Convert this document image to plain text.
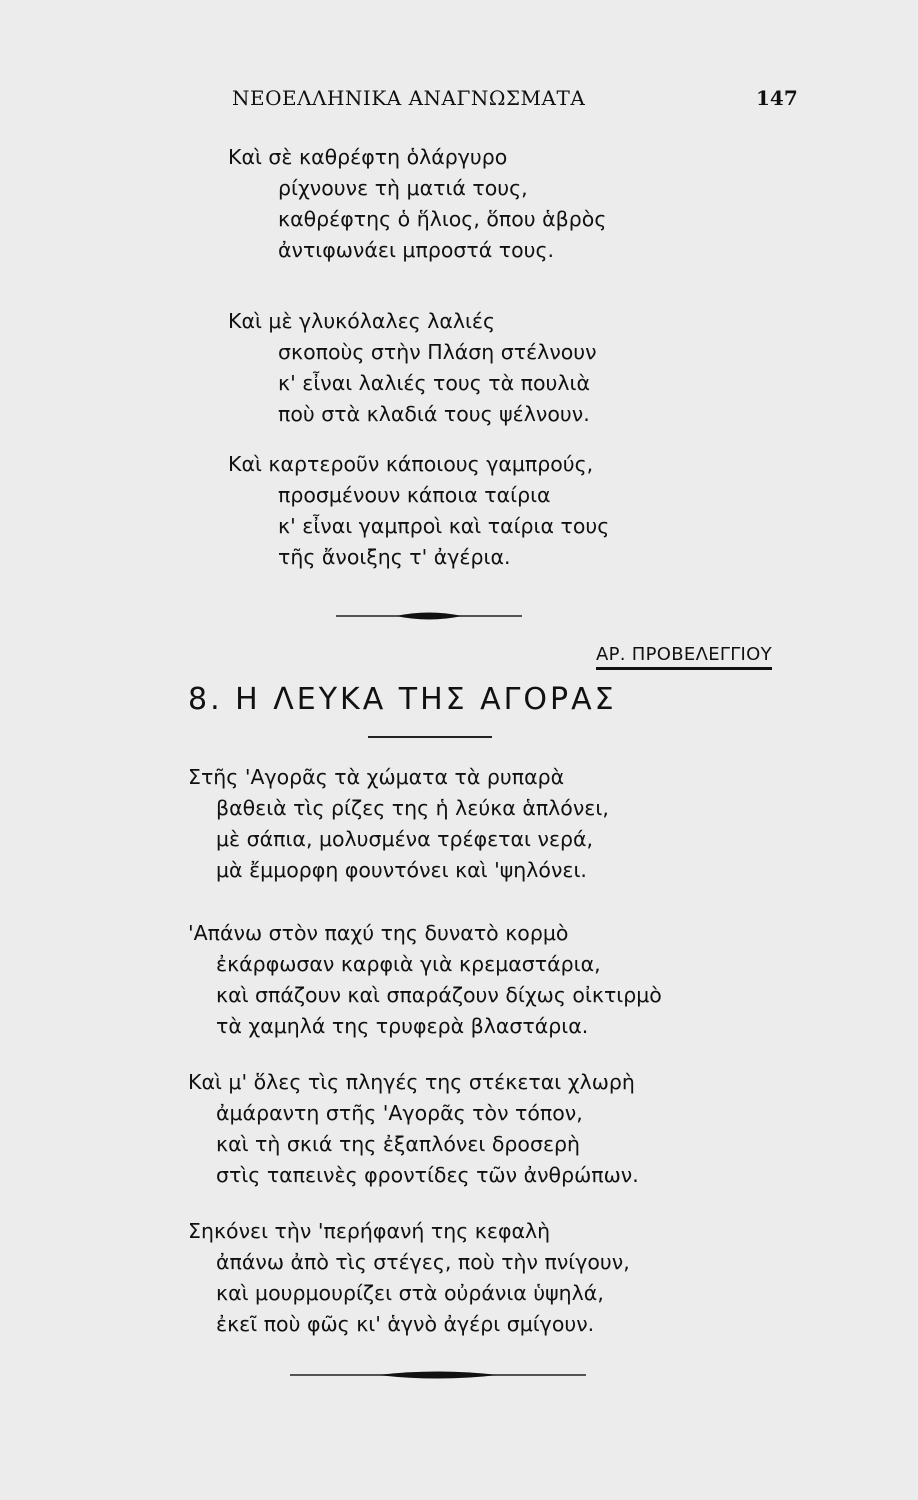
ΝΕΟΕΛΛΗΝΙΚΑ ΑΝΑΓΝΩΣΜΑΤΑ	147
Καὶ σὲ καθρέφτη ὁλάργυρο
ρίχνουνε τὴ ματιά τους,
καθρέφτης ὁ ἥλιος, ὅπου ἁβρὸς
ἀντιφωνάει μπροστά τους.
Καὶ μὲ γλυκόλαλες λαλιές
σκοποὺς στὴν Πλάση στέλνουν
κ' εἶναι λαλιές τους τὰ πουλιὰ
ποὺ στὰ κλαδιά τους ψέλνουν.
Καὶ καρτεροῦν κάποιους γαμπρούς,
προσμένουν κάποια ταίρια
κ' εἶναι γαμπροὶ καὶ ταίρια τους
τῆς ἄνοιξης τ' ἀγέρια.
ΑΡ. ΠΡΟΒΕΛΕΓΓΙΟΥ
8. Η ΛΕΥΚΑ ΤΗΣ ΑΓΟΡΑΣ
Στῆς 'Αγορᾶς τὰ χώματα τὰ ρυπαρὰ
βαθειὰ τὶς ρίζες της ἡ λεύκα ἁπλόνει,
μὲ σάπια, μολυσμένα τρέφεται νερά,
μὰ ἔμμορφη φουντόνει καὶ 'ψηλόνει.
'Απάνω στὸν παχύ της δυνατὸ κορμὸ
ἐκάρφωσαν καρφιὰ γιὰ κρεμαστάρια,
καὶ σπάζουν καὶ σπαράζουν δίχως οἰκτιρμὸ
τὰ χαμηλά της τρυφερὰ βλαστάρια.
Καὶ μ' ὅλες τὶς πληγές της στέκεται χλωρὴ
ἀμάραντη στῆς 'Αγορᾶς τὸν τόπον,
καὶ τὴ σκιά της ἐξαπλόνει δροσερὴ
στὶς ταπεινὲς φροντίδες τῶν ἀνθρώπων.
Σηκόνει τὴν 'περήφανή της κεφαλὴ
ἀπάνω ἀπὸ τὶς στέγες, ποὺ τὴν πνίγουν,
καὶ μουρμουρίζει στὰ οὐράνια ὑψηλά,
ἐκεῖ ποὺ φῶς κι' ἁγνὸ ἀγέρι σμίγουν.
